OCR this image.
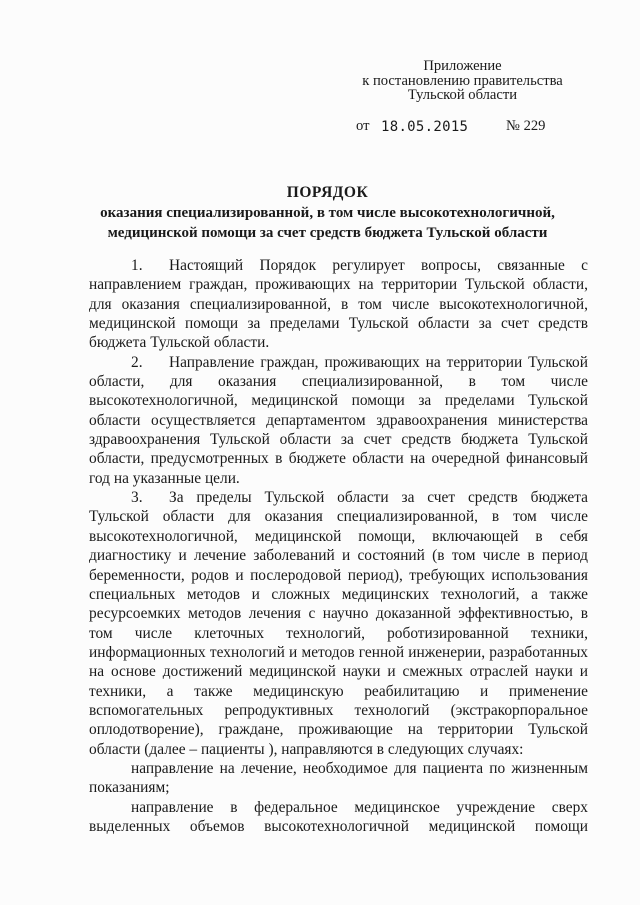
Приложение
к постановлению правительства
Тульской области
от 18.05.2015	№ 229
ПОРЯДОК
оказания специализированной, в том числе высокотехнологичной,
медицинской помощи за счет средств бюджета Тульской области

1. Настоящий Порядок регулирует вопросы, связанные с направлением граждан, проживающих на территории Тульской области, для оказания специализированной, в том числе высокотехнологичной, медицинской помощи за пределами Тульской области за счет средств бюджета Тульской области.

2. Направление граждан, проживающих на территории Тульской области, для оказания специализированной, в том числе высокотехнологичной, медицинской помощи за пределами Тульской области осуществляется департаментом здравоохранения министерства здравоохранения Тульской области за счет средств бюджета Тульской области, предусмотренных в бюджете области на очередной финансовый год на указанные цели.

3. За пределы Тульской области за счет средств бюджета Тульской области для оказания специализированной, в том числе высокотехнологичной, медицинской помощи, включающей в себя диагностику и лечение заболеваний и состояний (в том числе в период беременности, родов и послеродовой период), требующих использования специальных методов и сложных медицинских технологий, а также ресурсоемких методов лечения с научно доказанной эффективностью, в том числе клеточных технологий, роботизированной техники, информационных технологий и методов генной инженерии, разработанных на основе достижений медицинской науки и смежных отраслей науки и техники, а также медицинскую реабилитацию и применение вспомогательных репродуктивных технологий (экстракорпоральное оплодотворение), граждане, проживающие на территории Тульской области (далее – пациенты ), направляются в следующих случаях:

направление на лечение, необходимое для пациента по жизненным показаниям;

направление в федеральное медицинское учреждение сверх выделенных объемов высокотехнологичной медицинской помощи
